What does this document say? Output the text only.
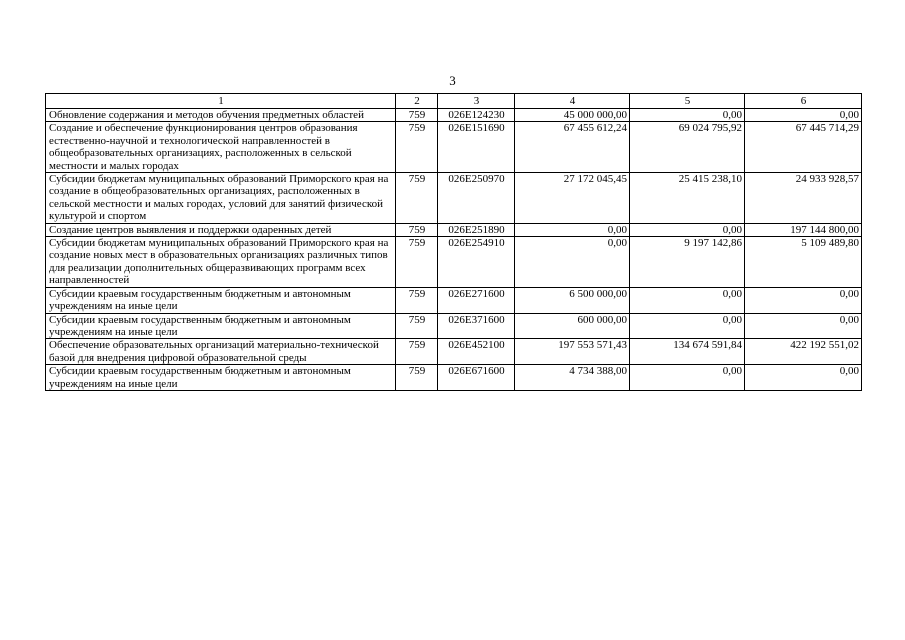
3
1	2	3	4	5	6
Обновление содержания и методов обучения предметных областей	759	026E124230	45 000 000,00	0,00	0,00
Создание и обеспечение функционирования центров образования естественно-научной и технологической направленностей в общеобразовательных организациях, расположенных в сельской местности и малых городах	759	026E151690	67 455 612,24	69 024 795,92	67 445 714,29
Субсидии бюджетам муниципальных образований Приморского края на создание в общеобразовательных организациях, расположенных в сельской местности и малых городах, условий для занятий физической культурой и спортом	759	026E250970	27 172 045,45	25 415 238,10	24 933 928,57
Создание центров выявления и поддержки одаренных детей	759	026E251890	0,00	0,00	197 144 800,00
Субсидии бюджетам муниципальных образований Приморского края на создание новых мест в образовательных организациях различных типов для реализации дополнительных общеразвивающих программ всех направленностей	759	026E254910	0,00	9 197 142,86	5 109 489,80
Субсидии краевым государственным бюджетным и автономным учреждениям на иные цели	759	026E271600	6 500 000,00	0,00	0,00
Субсидии краевым государственным бюджетным и автономным учреждениям на иные цели	759	026E371600	600 000,00	0,00	0,00
Обеспечение образовательных организаций материально-технической базой для внедрения цифровой образовательной среды	759	026E452100	197 553 571,43	134 674 591,84	422 192 551,02
Субсидии краевым государственным бюджетным и автономным учреждениям на иные цели	759	026E671600	4 734 388,00	0,00	0,00
